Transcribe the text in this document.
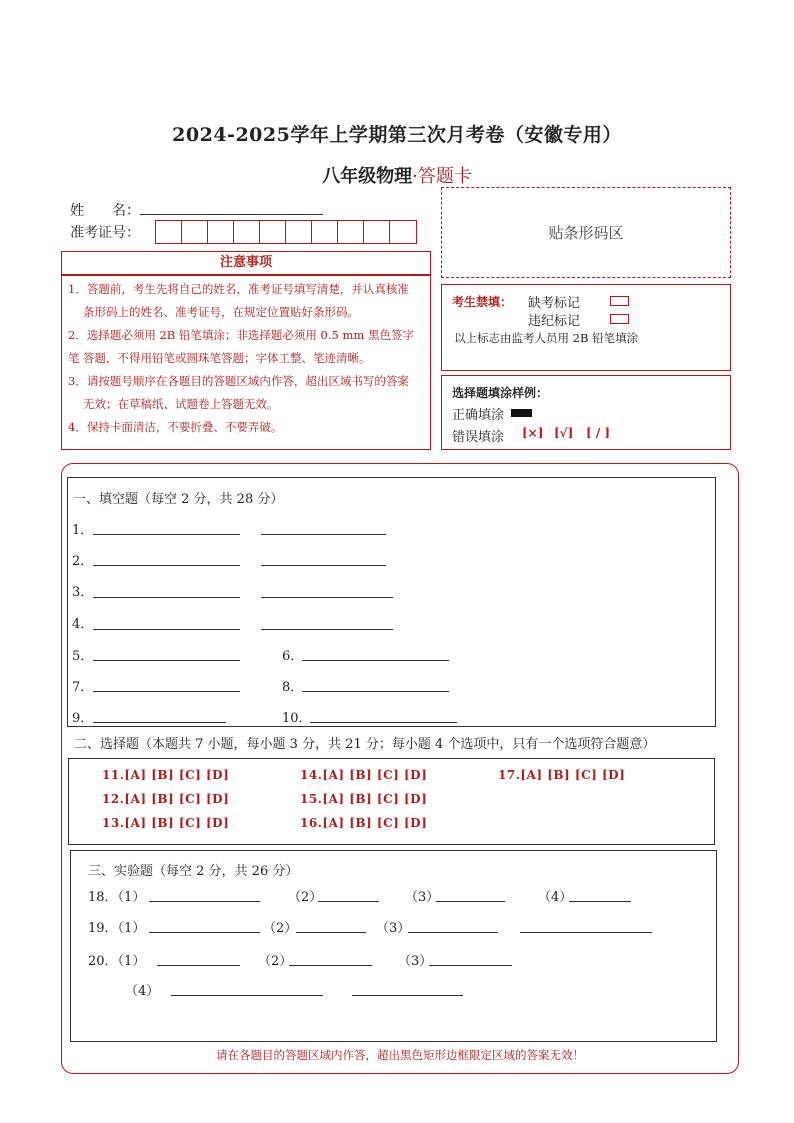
2024-2025学年上学期第三次月考卷（安徽专用）
八年级物理·答题卡
姓　　名：
准考证号：	贴条形码区
注意事项
1．答题前，考生先将自己的姓名，准考证号填写清楚，并认真核准
条形码上的姓名、准考证号，在规定位置贴好条形码。
2．选择题必须用 2B 铅笔填涂；非选择题必须用 0.5 mm 黑色签字笔 答题，不得用铅笔或圆珠笔答题；字体工整、笔迹清晰。
3．请按题号顺序在各题目的答题区域内作答，超出区域书写的答案
无效；在草稿纸、试题卷上答题无效。
4．保持卡面清洁，不要折叠、不要弄破。
考生禁填： 缺考标记
违纪标记
以上标志由监考人员用 2B 铅笔填涂
选择题填涂样例：
正确填涂
错误填涂 [×] [√] [ / ]
一、填空题（每空 2 分，共 28 分）
1．
2．
3．
4．
5．	6．
7．	8．
9．	10．
二、选择题（本题共 7 小题，每小题 3 分，共 21 分；每小题 4 个选项中，只有一个选项符合题意）
11.[A] [B] [C] [D]
12.[A] [B] [C] [D]
13.[A] [B] [C] [D]
14.[A] [B] [C] [D]
15.[A] [B] [C] [D]
16.[A] [B] [C] [D]
17.[A] [B] [C] [D]
三、实验题（每空 2 分，共 26 分）
18．（1）	（2）	（3）	（4）
19．（1）	（2）	（3）
20．（1）	（2）	（3）
（4）
请在各题目的答题区域内作答，超出黑色矩形边框限定区域的答案无效！
